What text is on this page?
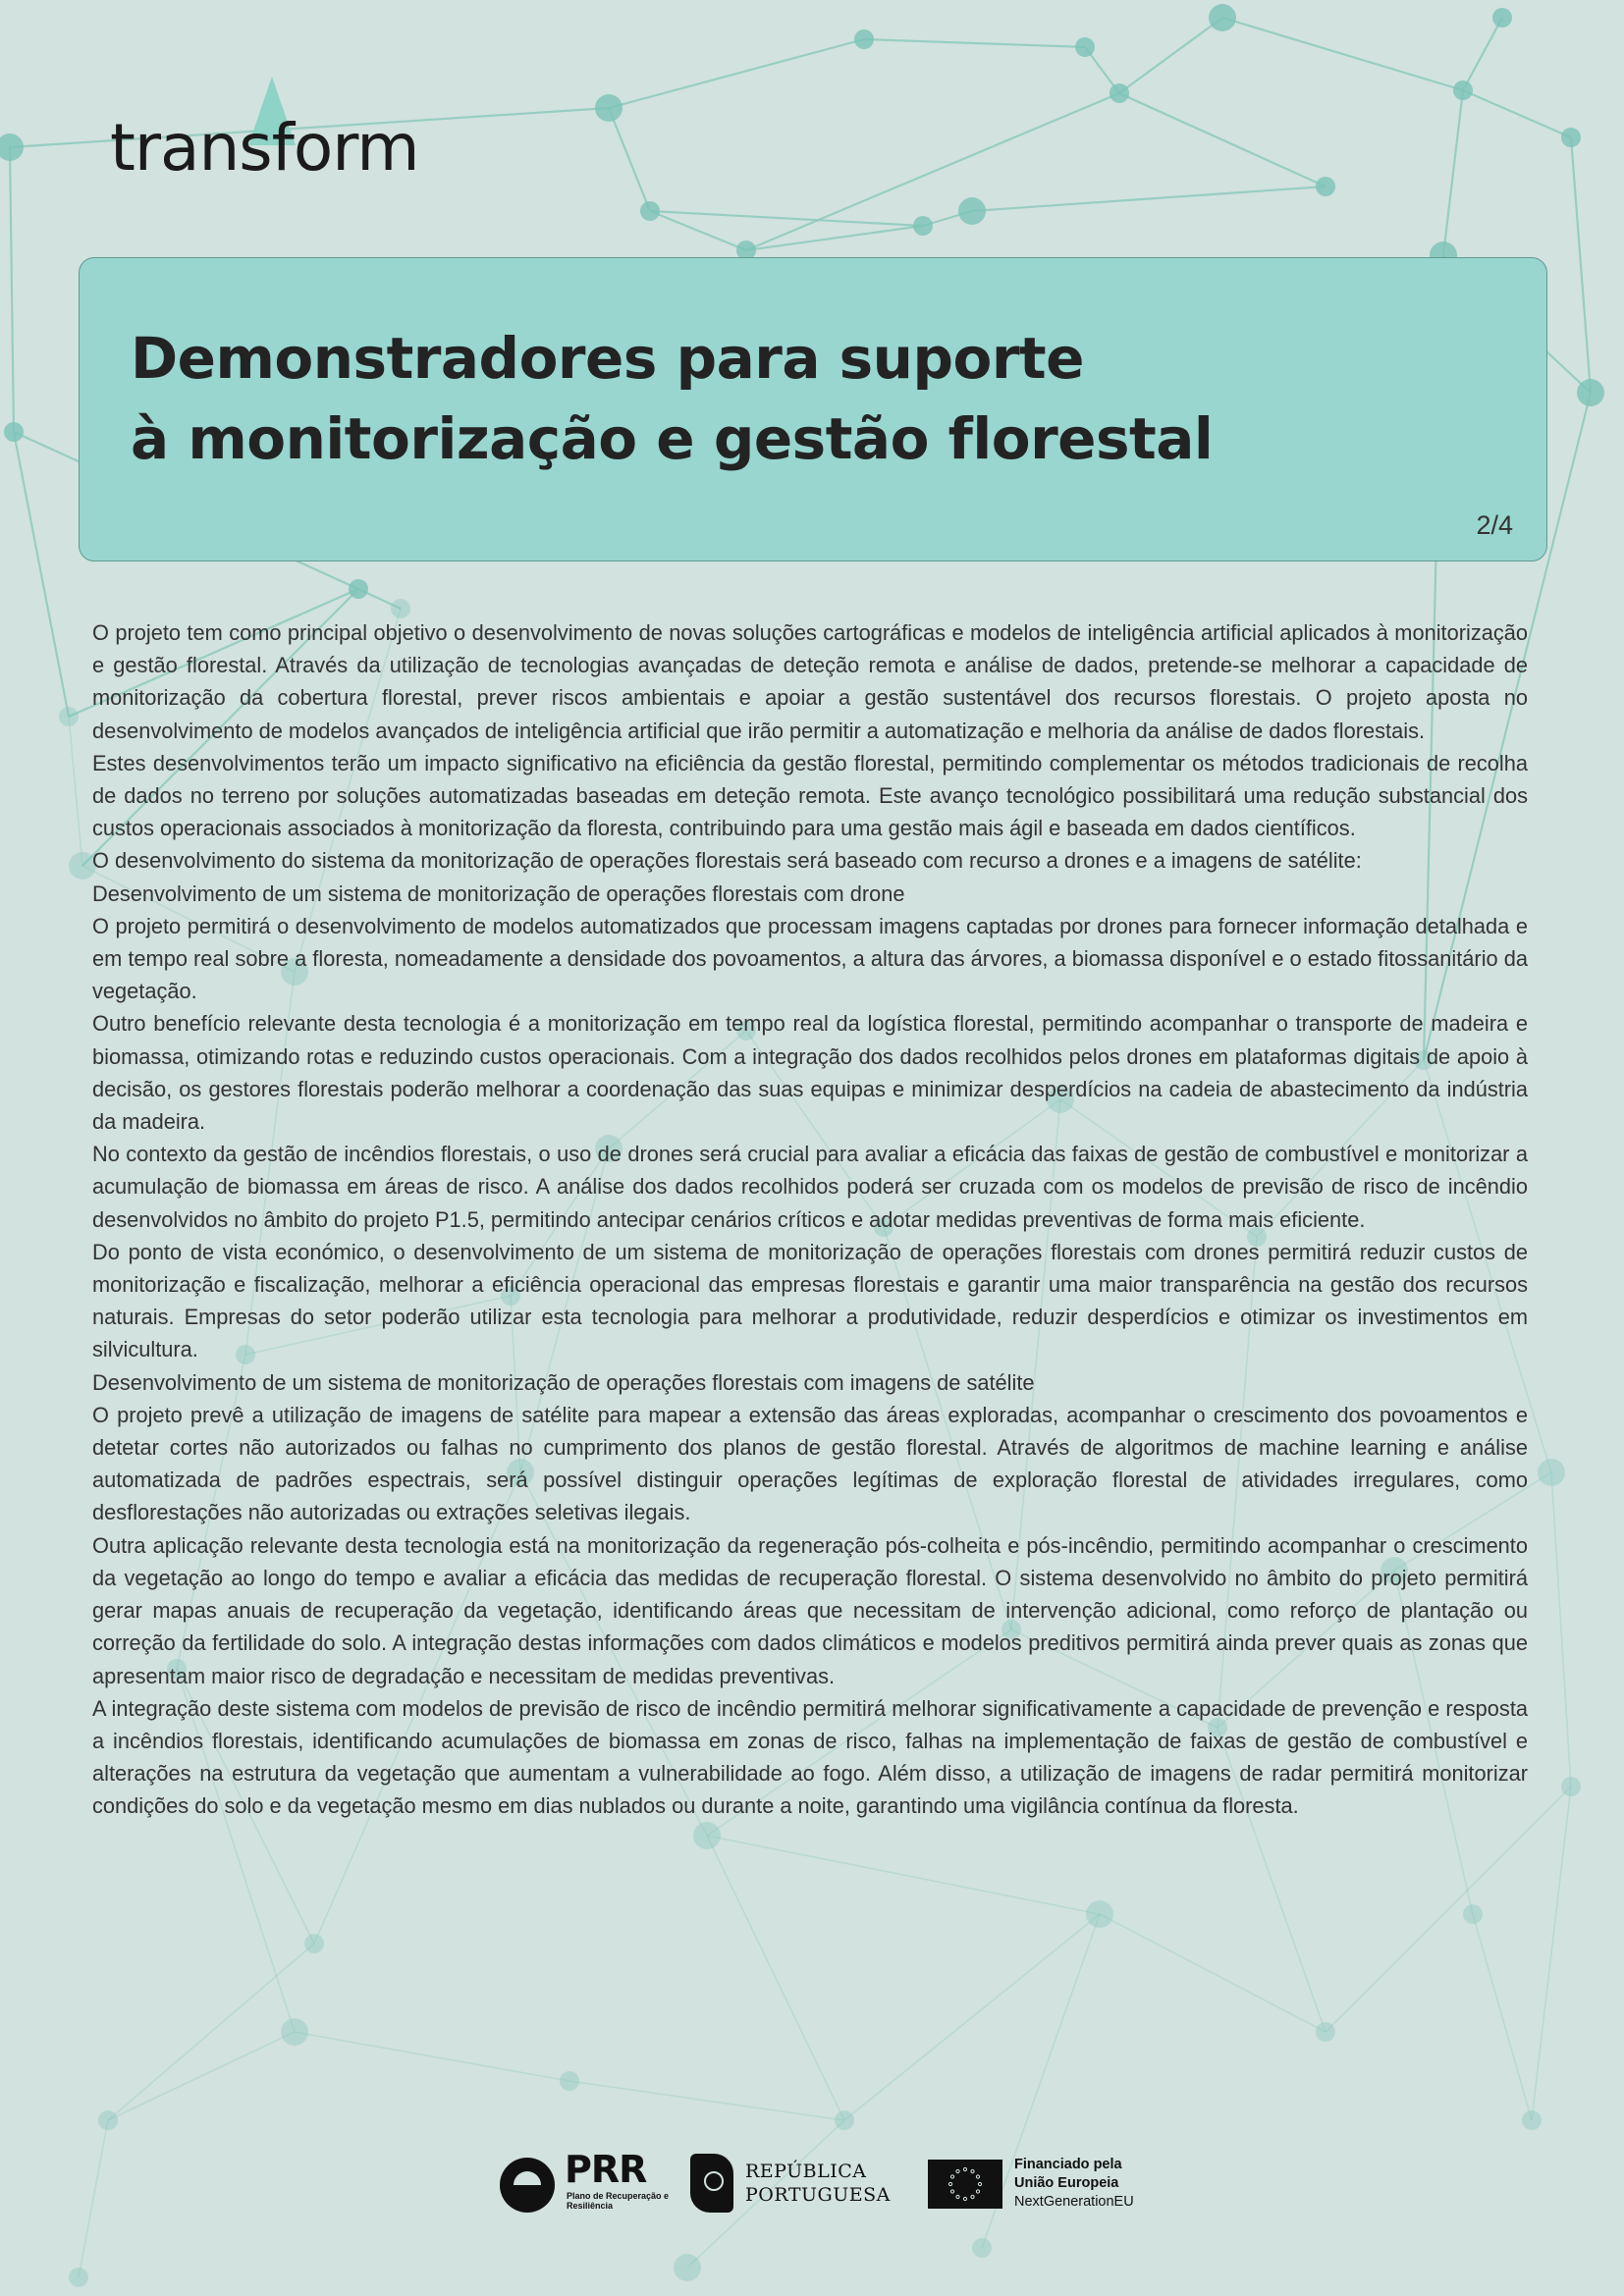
transform
Demonstradores para suporte
à monitorização e gestão florestal
2/4

O projeto tem como principal objetivo o desenvolvimento de novas soluções cartográficas e modelos de inteligência artificial aplicados à monitorização e gestão florestal. Através da utilização de tecnologias avançadas de deteção remota e análise de dados, pretende-se melhorar a capacidade de monitorização da cobertura florestal, prever riscos ambientais e apoiar a gestão sustentável dos recursos florestais. O projeto aposta no desenvolvimento de modelos avançados de inteligência artificial que irão permitir a automatização e melhoria da análise de dados florestais.

Estes desenvolvimentos terão um impacto significativo na eficiência da gestão florestal, permitindo complementar os métodos tradicionais de recolha de dados no terreno por soluções automatizadas baseadas em deteção remota. Este avanço tecnológico possibilitará uma redução substancial dos custos operacionais associados à monitorização da floresta, contribuindo para uma gestão mais ágil e baseada em dados científicos.

O desenvolvimento do sistema da monitorização de operações florestais será baseado com recurso a drones e a imagens de satélite:

Desenvolvimento de um sistema de monitorização de operações florestais com drone

O projeto permitirá o desenvolvimento de modelos automatizados que processam imagens captadas por drones para fornecer informação detalhada e em tempo real sobre a floresta, nomeadamente a densidade dos povoamentos, a altura das árvores, a biomassa disponível e o estado fitossanitário da vegetação.

Outro benefício relevante desta tecnologia é a monitorização em tempo real da logística florestal, permitindo acompanhar o transporte de madeira e biomassa, otimizando rotas e reduzindo custos operacionais. Com a integração dos dados recolhidos pelos drones em plataformas digitais de apoio à decisão, os gestores florestais poderão melhorar a coordenação das suas equipas e minimizar desperdícios na cadeia de abastecimento da indústria da madeira.

No contexto da gestão de incêndios florestais, o uso de drones será crucial para avaliar a eficácia das faixas de gestão de combustível e monitorizar a acumulação de biomassa em áreas de risco. A análise dos dados recolhidos poderá ser cruzada com os modelos de previsão de risco de incêndio desenvolvidos no âmbito do projeto P1.5, permitindo antecipar cenários críticos e adotar medidas preventivas de forma mais eficiente.

Do ponto de vista económico, o desenvolvimento de um sistema de monitorização de operações florestais com drones permitirá reduzir custos de monitorização e fiscalização, melhorar a eficiência operacional das empresas florestais e garantir uma maior transparência na gestão dos recursos naturais. Empresas do setor poderão utilizar esta tecnologia para melhorar a produtividade, reduzir desperdícios e otimizar os investimentos em silvicultura.

Desenvolvimento de um sistema de monitorização de operações florestais com imagens de satélite

O projeto prevê a utilização de imagens de satélite para mapear a extensão das áreas exploradas, acompanhar o crescimento dos povoamentos e detetar cortes não autorizados ou falhas no cumprimento dos planos de gestão florestal. Através de algoritmos de machine learning e análise automatizada de padrões espectrais, será possível distinguir operações legítimas de exploração florestal de atividades irregulares, como desflorestações não autorizadas ou extrações seletivas ilegais.

Outra aplicação relevante desta tecnologia está na monitorização da regeneração pós-colheita e pós-incêndio, permitindo acompanhar o crescimento da vegetação ao longo do tempo e avaliar a eficácia das medidas de recuperação florestal. O sistema desenvolvido no âmbito do projeto permitirá gerar mapas anuais de recuperação da vegetação, identificando áreas que necessitam de intervenção adicional, como reforço de plantação ou correção da fertilidade do solo. A integração destas informações com dados climáticos e modelos preditivos permitirá ainda prever quais as zonas que apresentam maior risco de degradação e necessitam de medidas preventivas.

A integração deste sistema com modelos de previsão de risco de incêndio permitirá melhorar significativamente a capacidade de prevenção e resposta a incêndios florestais, identificando acumulações de biomassa em zonas de risco, falhas na implementação de faixas de gestão de combustível e alterações na estrutura da vegetação que aumentam a vulnerabilidade ao fogo. Além disso, a utilização de imagens de radar permitirá monitorizar condições do solo e da vegetação mesmo em dias nublados ou durante a noite, garantindo uma vigilância contínua da floresta.

PRR
Plano de Recuperação e Resiliência
REPÚBLICA
PORTUGUESA
Financiado pela
União Europeia
NextGenerationEU
